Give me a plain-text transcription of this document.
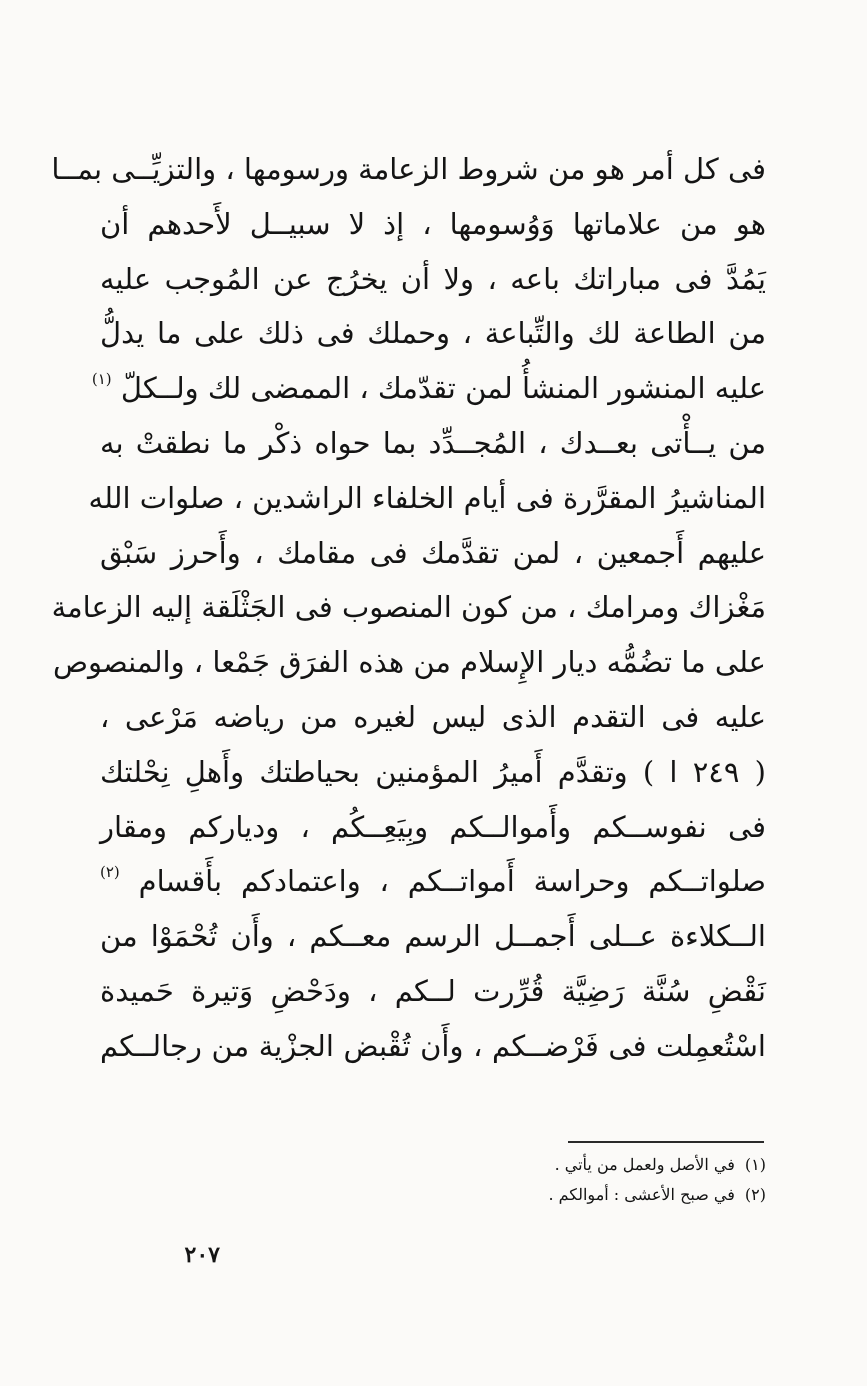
فى كل أمر هو من شروط الزعامة ورسومها ، والتزيِّــى بمــا
هو من علاماتها وَوُسومها ، إذ لا سبيــل لأَحدهم أن
يَمُدَّ فى مباراتك باعه ، ولا أن يخرُج عن المُوجب عليه
من الطاعة لك والتِّباعة ، وحملك فى ذلك على ما يدلُّ
عليه المنشور المنشأُ لمن تقدّمك ، الممضى لك ولــكلّ $^{(١)}$
من يــأْتى بعــدك ، المُجــدِّد بما حواه ذكْر ما نطقتْ به
المناشيرُ المقرَّرة فى أيام الخلفاء الراشدين ، صلوات الله
عليهم أَجمعين ، لمن تقدَّمك فى مقامك ، وأَحرز سَبْق
مَغْزاك ومرامك ، من كون المنصوب فى الجَثْلَقة إليه الزعامة
على ما تضُمُّه ديار الإِسلام من هذه الفرَق جَمْعا ، والمنصوص
عليه فى التقدم الذى ليس لغيره من رياضه مَرْعى ،
( ٢٤٩ ا ) وتقدَّم أَميرُ المؤمنين بحياطتك وأَهلِ نِحْلتك
فى نفوســكم وأَموالــكم وبِيَعِــكُم ، وديارکم ومقار
صلواتــكم وحراسة أَمواتــكم ، واعتمادكم بأَقسام $^{(٢)}$
الــكلاءة عــلى أَجمــل الرسم معــكم ، وأَن تُحْمَوْا من
نَقْضِ سُنَّة رَضِيَّة قُرِّرت لــكم ، ودَحْضِ وَتيرة حَميدة
اسْتُعمِلت فى فَرْضــكم ، وأَن تُقْبض الجزْية من رجالــكم
(١)في الأصل ولعمل من يأتي .
(٢)في صبح الأعشى : أموالكم .
٢٠٧
